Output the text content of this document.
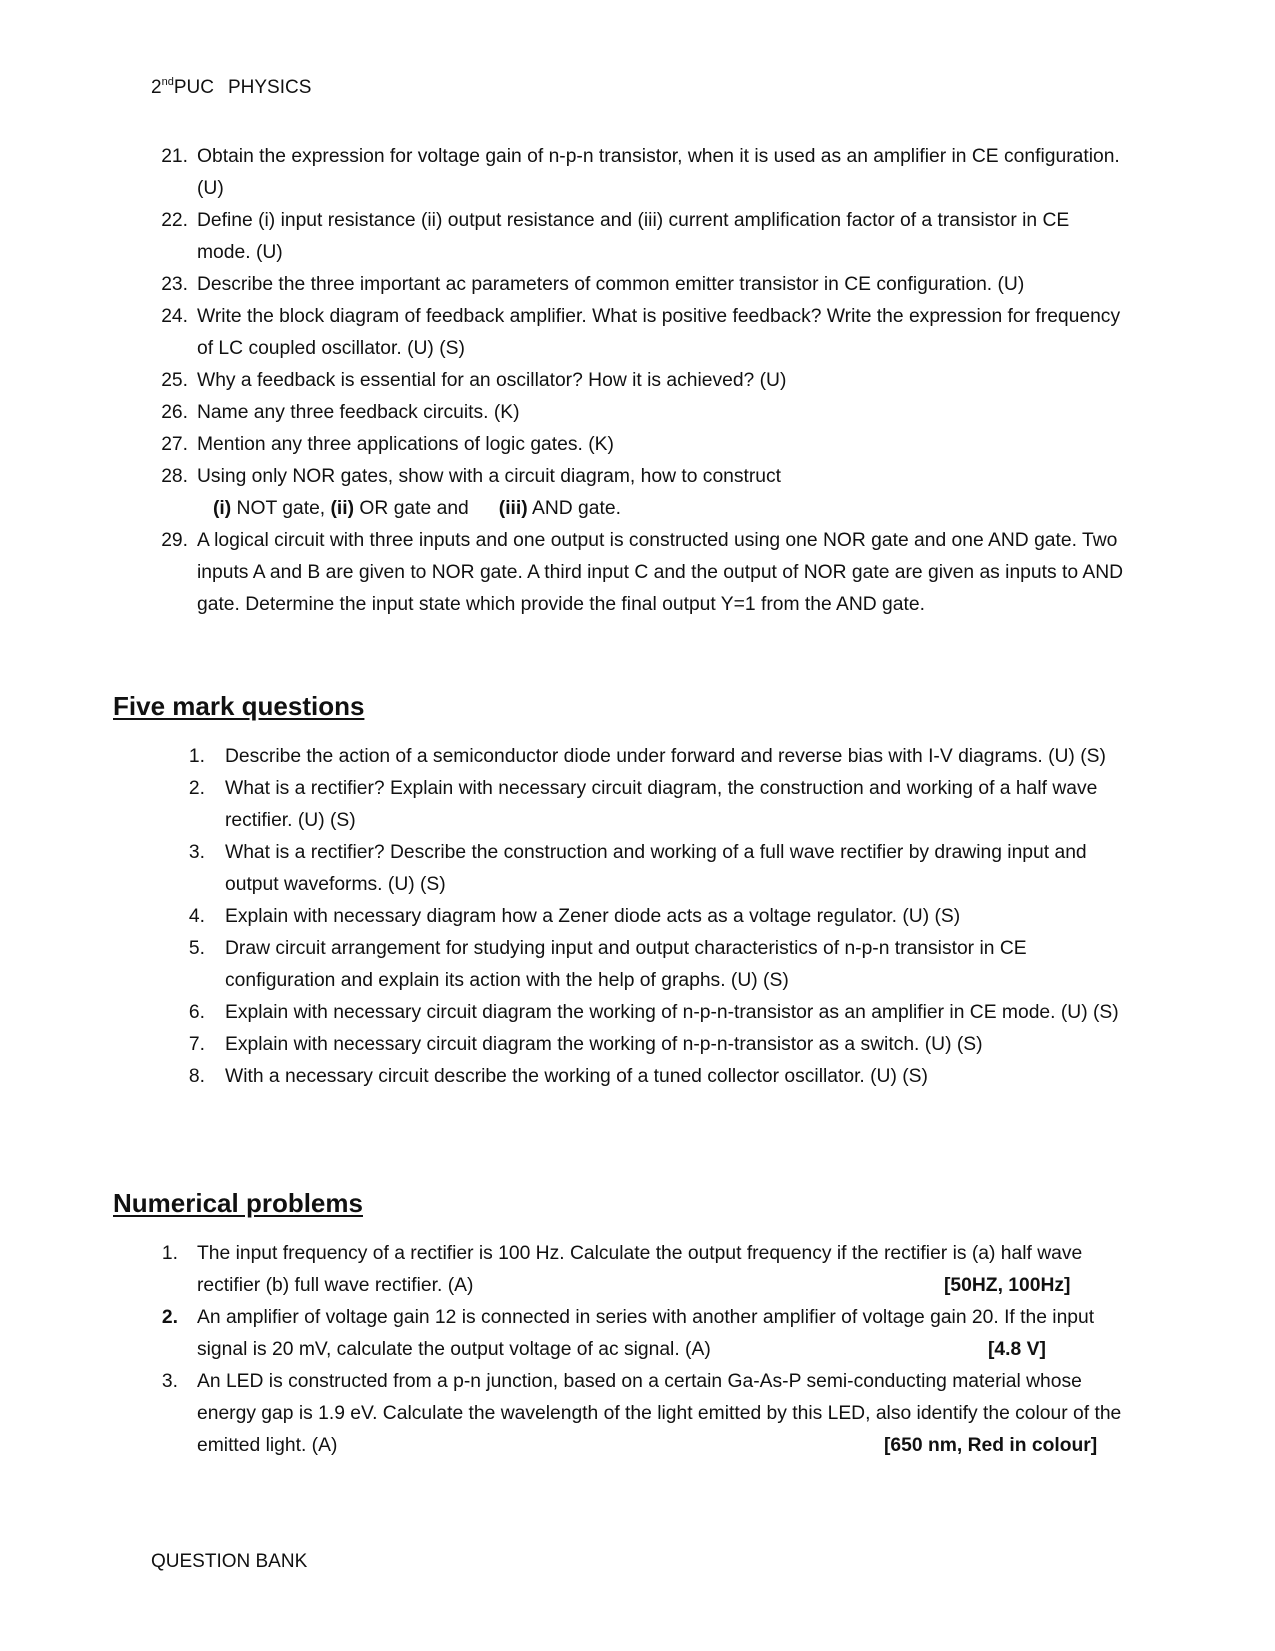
2ndPUC PHYSICS
21. Obtain the expression for voltage gain of n-p-n transistor, when it is used as an amplifier in CE configuration. (U)
22. Define (i) input resistance (ii) output resistance and (iii) current amplification factor of a transistor in CE mode. (U)
23. Describe the three important ac parameters of common emitter transistor in CE configuration. (U)
24. Write the block diagram of feedback amplifier. What is positive feedback? Write the expression for frequency of LC coupled oscillator. (U) (S)
25. Why a feedback is essential for an oscillator? How it is achieved? (U)
26. Name any three feedback circuits. (K)
27. Mention any three applications of logic gates. (K)
28. Using only NOR gates, show with a circuit diagram, how to construct
(i) NOT gate, (ii) OR gate and (iii) AND gate.
29. A logical circuit with three inputs and one output is constructed using one NOR gate and one AND gate. Two inputs A and B are given to NOR gate. A third input C and the output of NOR gate are given as inputs to AND gate. Determine the input state which provide the final output Y=1 from the AND gate.
Five mark questions
1. Describe the action of a semiconductor diode under forward and reverse bias with I-V diagrams. (U) (S)
2. What is a rectifier? Explain with necessary circuit diagram, the construction and working of a half wave rectifier. (U) (S)
3. What is a rectifier? Describe the construction and working of a full wave rectifier by drawing input and output waveforms. (U) (S)
4. Explain with necessary diagram how a Zener diode acts as a voltage regulator. (U) (S)
5. Draw circuit arrangement for studying input and output characteristics of n-p-n transistor in CE configuration and explain its action with the help of graphs. (U) (S)
6. Explain with necessary circuit diagram the working of n-p-n-transistor as an amplifier in CE mode. (U) (S)
7. Explain with necessary circuit diagram the working of n-p-n-transistor as a switch. (U) (S)
8. With a necessary circuit describe the working of a tuned collector oscillator. (U) (S)
Numerical problems
1. The input frequency of a rectifier is 100 Hz. Calculate the output frequency if the rectifier is (a) half wave rectifier (b) full wave rectifier. (A)	[50HZ, 100Hz]
2. An amplifier of voltage gain 12 is connected in series with another amplifier of voltage gain 20. If the input signal is 20 mV, calculate the output voltage of ac signal. (A)	[4.8 V]
3. An LED is constructed from a p-n junction, based on a certain Ga-As-P semi-conducting material whose energy gap is 1.9 eV. Calculate the wavelength of the light emitted by this LED, also identify the colour of the emitted light. (A)	[650 nm, Red in colour]
QUESTION BANK
